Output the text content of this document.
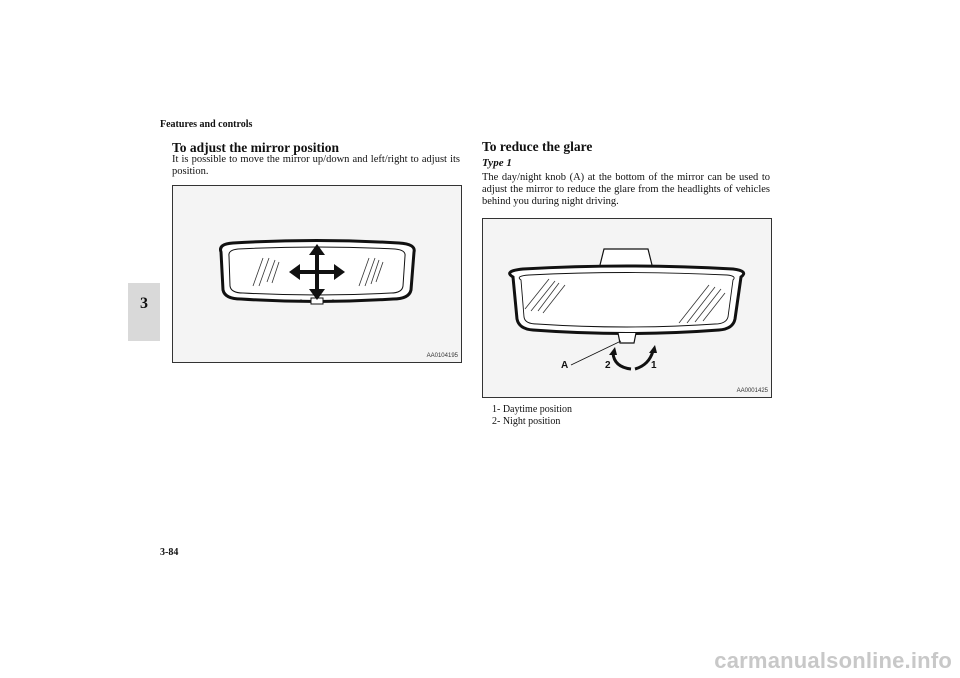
Features and controls
3
To adjust the mirror position
It is possible to move the mirror up/down and left/right to adjust its position.
AA0104195
To reduce the glare
Type 1
The day/night knob (A) at the bottom of the mirror can be used to adjust the mirror to reduce the glare from the headlights of vehicles behind you during night driving.
A	2	1
AA0001425
1- Daytime position
2- Night position
3-84
carmanualsonline.info
